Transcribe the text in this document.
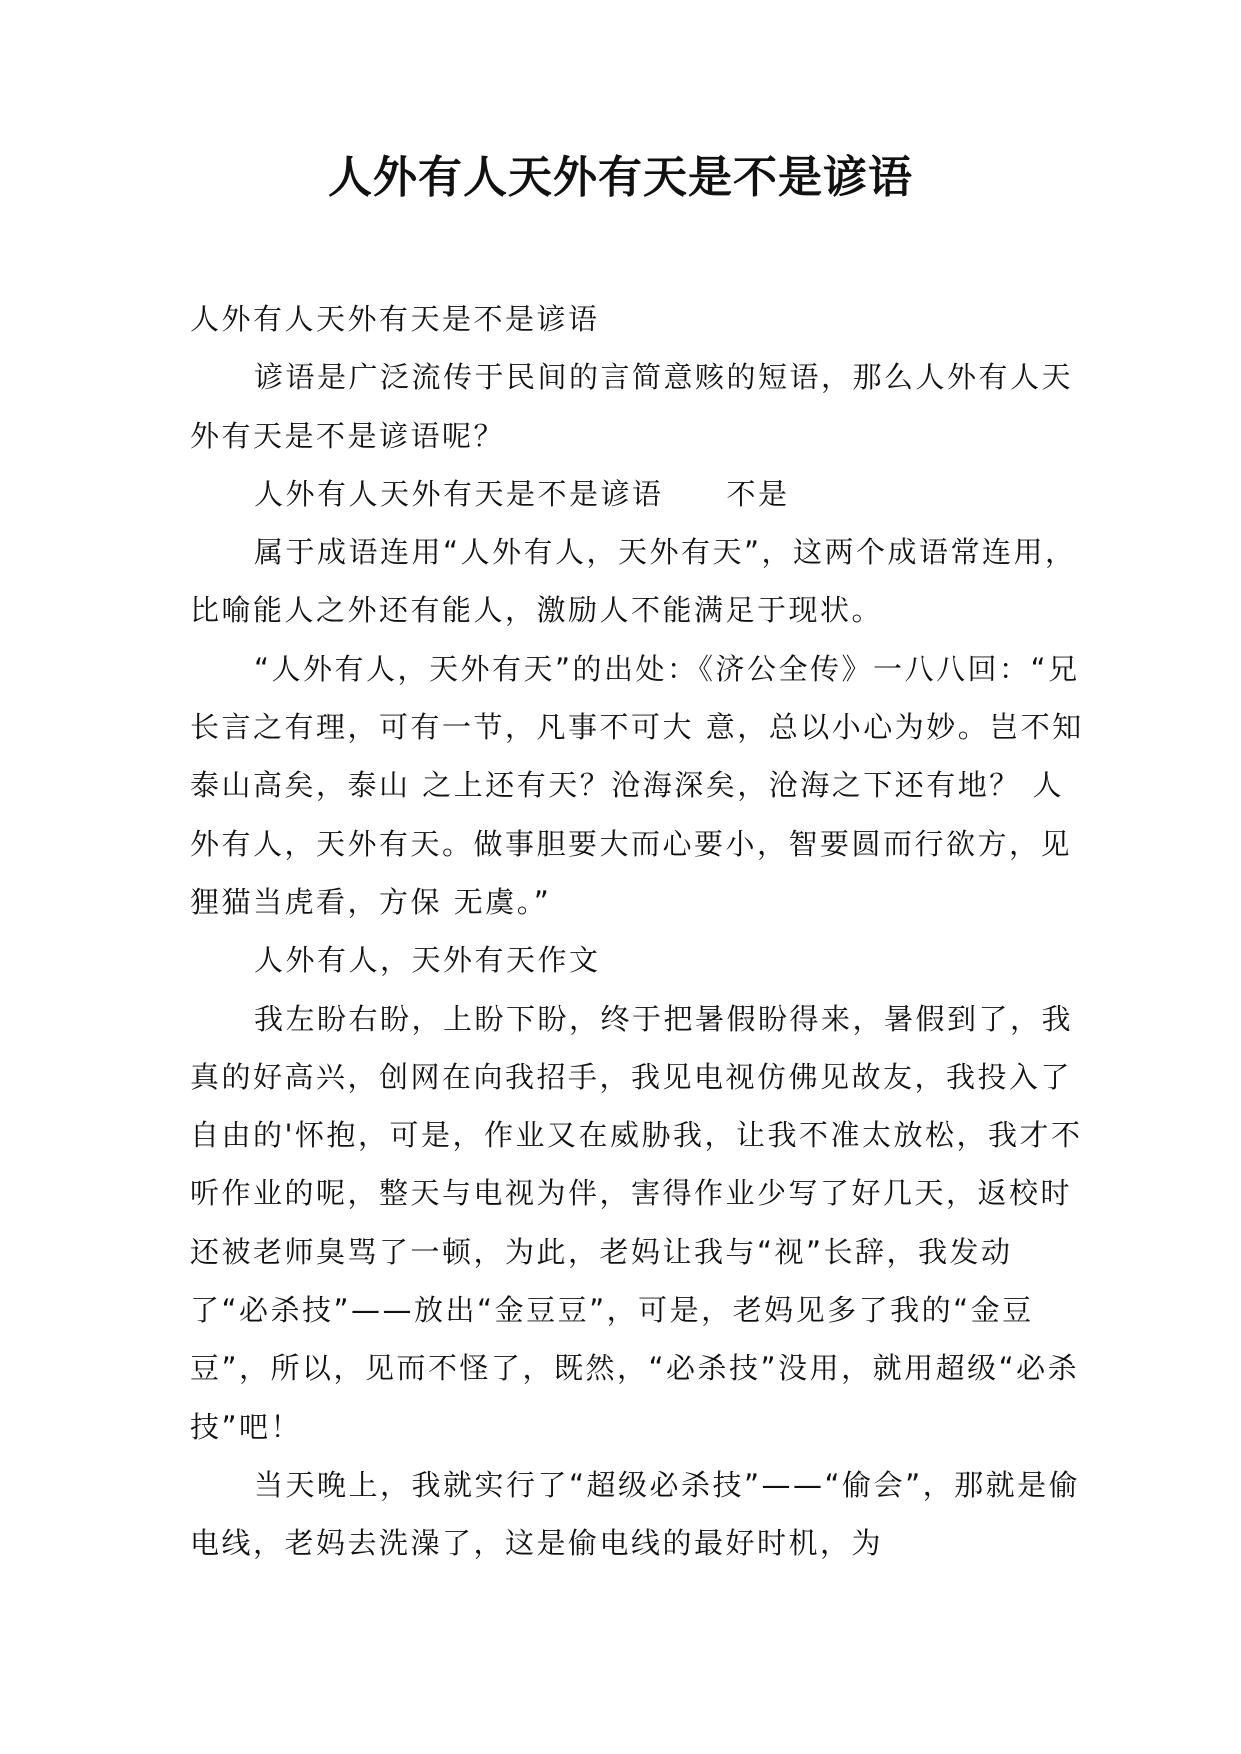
人外有人天外有天是不是谚语

人外有人天外有天是不是谚语

谚语是广泛流传于民间的言简意赅的短语，那么人外有人天外有天是不是谚语呢？

人外有人天外有天是不是谚语　　不是

属于成语连用“人外有人，天外有天”，这两个成语常连用，比喻能人之外还有能人，激励人不能满足于现状。

“人外有人，天外有天”的出处：《济公全传》一八八回：“兄长言之有理，可有一节，凡事不可大 意，总以小心为妙。岂不知泰山高矣，泰山 之上还有天？沧海深矣，沧海之下还有地？ 人外有人，天外有天。做事胆要大而心要小，智要圆而行欲方，见狸猫当虎看，方保 无虞。”

人外有人，天外有天作文

我左盼右盼，上盼下盼，终于把暑假盼得来，暑假到了，我真的好高兴，创网在向我招手，我见电视仿佛见故友，我投入了自由的'怀抱，可是，作业又在威胁我，让我不准太放松，我才不听作业的呢，整天与电视为伴，害得作业少写了好几天，返校时还被老师臭骂了一顿，为此，老妈让我与“视”长辞，我发动了“必杀技”——放出“金豆豆”，可是，老妈见多了我的“金豆豆”，所以，见而不怪了，既然，“必杀技”没用，就用超级“必杀技”吧！

当天晚上，我就实行了“超级必杀技”——“偷会”，那就是偷电线，老妈去洗澡了，这是偷电线的最好时机，为
